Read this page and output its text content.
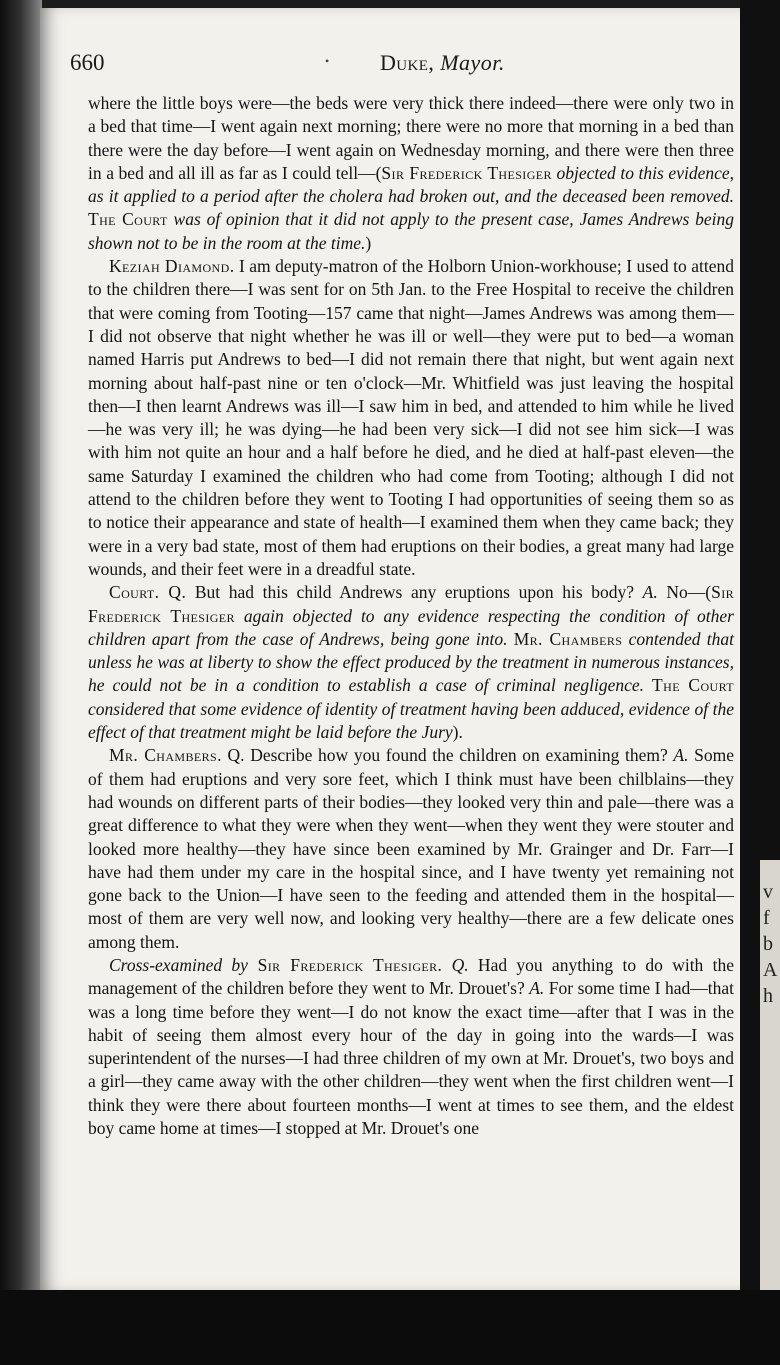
v
f
b
A
h
660	• Duke, Mayor.

where the little boys were—the beds were very thick there indeed—there were only two in a bed that time—I went again next morning; there were no more that morning in a bed than there were the day before—I went again on Wednesday morning, and there were then three in a bed and all ill as far as I could tell—(Sir Frederick Thesiger objected to this evidence, as it applied to a period after the cholera had broken out, and the deceased been removed. The Court was of opinion that it did not apply to the present case, James Andrews being shown not to be in the room at the time.)

Keziah Diamond. I am deputy-matron of the Holborn Union-workhouse; I used to attend to the children there—I was sent for on 5th Jan. to the Free Hospital to receive the children that were coming from Tooting—157 came that night—James Andrews was among them—I did not observe that night whether he was ill or well—they were put to bed—a woman named Harris put Andrews to bed—I did not remain there that night, but went again next morning about half-past nine or ten o'clock—Mr. Whitfield was just leaving the hospital then—I then learnt Andrews was ill—I saw him in bed, and attended to him while he lived—he was very ill; he was dying—he had been very sick—I did not see him sick—I was with him not quite an hour and a half before he died, and he died at half-past eleven—the same Saturday I examined the children who had come from Tooting; although I did not attend to the children before they went to Tooting I had opportunities of seeing them so as to notice their appearance and state of health—I examined them when they came back; they were in a very bad state, most of them had eruptions on their bodies, a great many had large wounds, and their feet were in a dreadful state.

Court. Q. But had this child Andrews any eruptions upon his body? A. No—(Sir Frederick Thesiger again objected to any evidence respecting the condition of other children apart from the case of Andrews, being gone into. Mr. Chambers contended that unless he was at liberty to show the effect produced by the treatment in numerous instances, he could not be in a condition to establish a case of criminal negligence. The Court considered that some evidence of identity of treatment having been adduced, evidence of the effect of that treatment might be laid before the Jury).

Mr. Chambers. Q. Describe how you found the children on examining them? A. Some of them had eruptions and very sore feet, which I think must have been chilblains—they had wounds on different parts of their bodies—they looked very thin and pale—there was a great difference to what they were when they went—when they went they were stouter and looked more healthy—they have since been examined by Mr. Grainger and Dr. Farr—I have had them under my care in the hospital since, and I have twenty yet remaining not gone back to the Union—I have seen to the feeding and attended them in the hospital—most of them are very well now, and looking very healthy—there are a few delicate ones among them.

Cross-examined by Sir Frederick Thesiger. Q. Had you anything to do with the management of the children before they went to Mr. Drouet's? A. For some time I had—that was a long time before they went—I do not know the exact time—after that I was in the habit of seeing them almost every hour of the day in going into the wards—I was superintendent of the nurses—I had three children of my own at Mr. Drouet's, two boys and a girl—they came away with the other children—they went when the first children went—I think they were there about fourteen months—I went at times to see them, and the eldest boy came home at times—I stopped at Mr. Drouet's one
